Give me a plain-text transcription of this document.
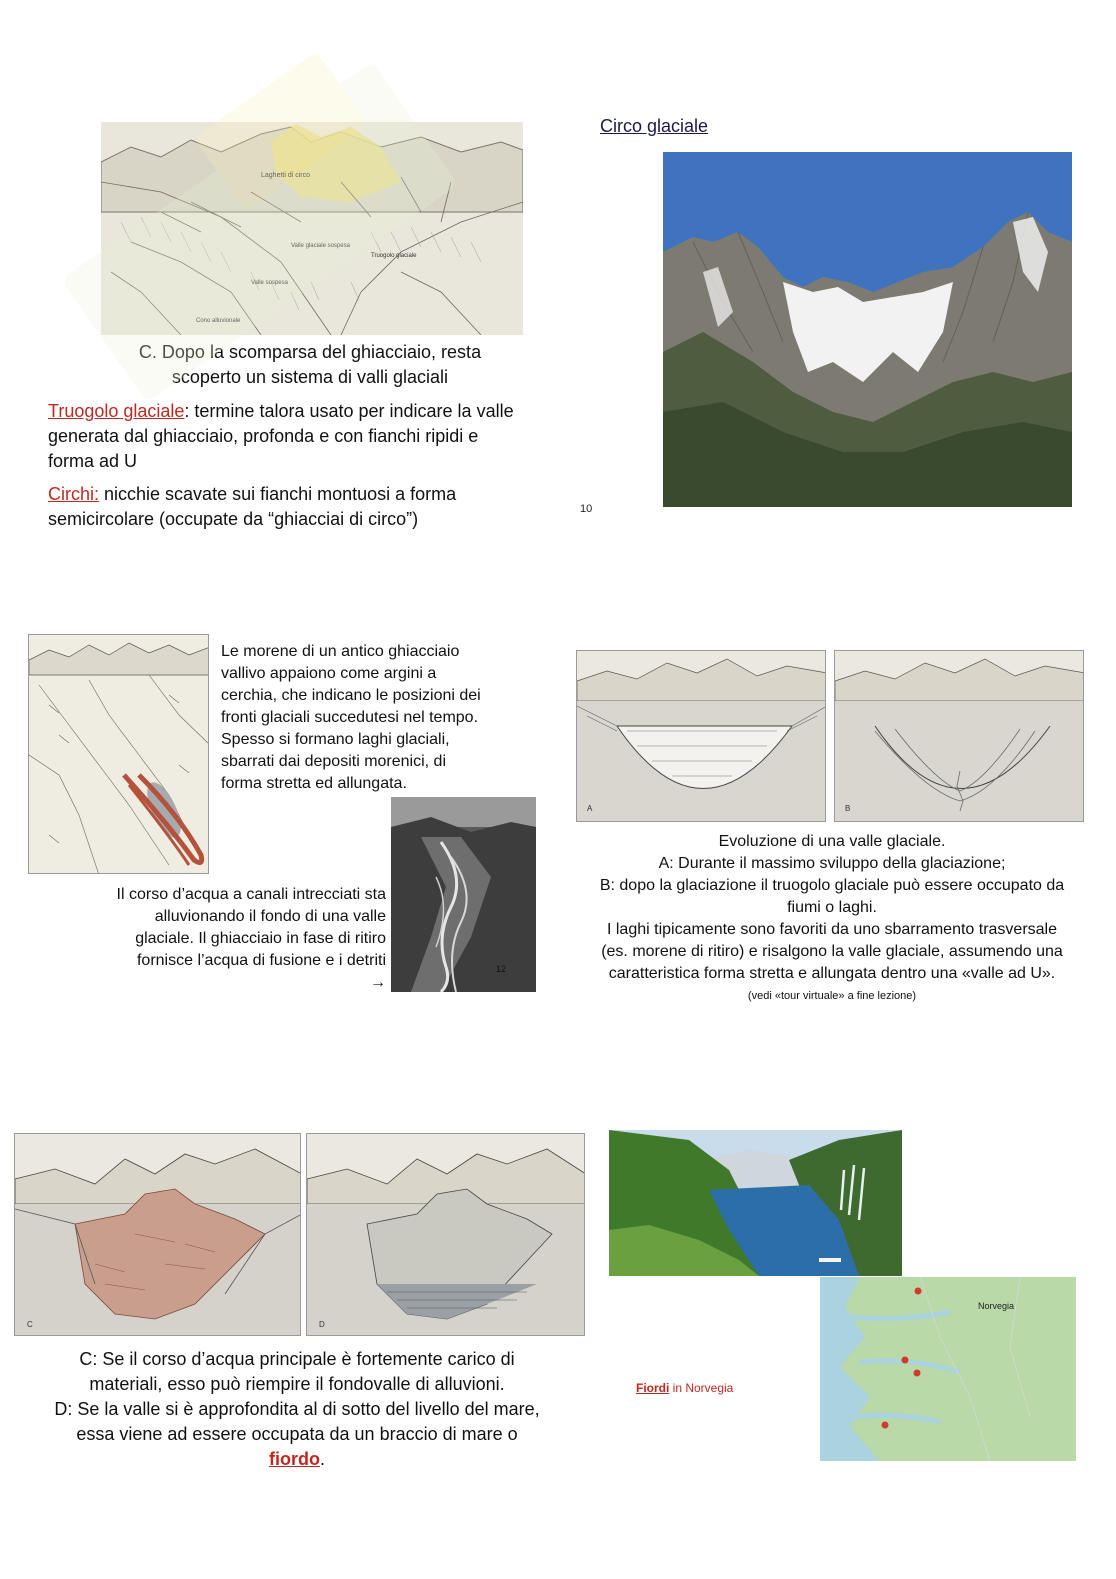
Laghetti di circo
Valle glaciale sospesa
Truogolo glaciale
Valle sospesa
Cono alluvionale
C. Dopo la scomparsa del ghiacciaio, resta
scoperto un sistema di valli glaciali
Truogolo glaciale: termine talora usato per indicare la valle
generata dal ghiacciaio, profonda e con fianchi ripidi e
forma ad U
Circhi: nicchie scavate sui fianchi montuosi a forma
semicircolare (occupate da “ghiacciai di circo”)	10
Circo glaciale
Le morene di un antico ghiacciaio
vallivo appaiono come argini a
cerchia, che indicano le posizioni dei
fronti glaciali succedutesi nel tempo.
Spesso si formano laghi glaciali,
sbarrati dai depositi morenici, di
forma stretta ed allungata.
Il corso d’acqua a canali intrecciati sta
alluvionando il fondo di una valle
glaciale. Il ghiacciaio in fase di ritiro
fornisce l’acqua di fusione e i detriti
→
12
A	B
Evoluzione di una valle glaciale.
A: Durante il massimo sviluppo della glaciazione;
B: dopo la glaciazione il truogolo glaciale può essere occupato da
fiumi o laghi.
I laghi tipicamente sono favoriti da uno sbarramento trasversale
(es. morene di ritiro) e risalgono la valle glaciale, assumendo una
caratteristica forma stretta e allungata dentro una «valle ad U».
(vedi «tour virtuale» a fine lezione)
C	D
C: Se il corso d’acqua principale è fortemente carico di
materiali, esso può riempire il fondovalle di alluvioni.
D: Se la valle si è approfondita al di sotto del livello del mare,
essa viene ad essere occupata da un braccio di mare o
fiordo.
Fiordi in Norvegia
Norvegia
